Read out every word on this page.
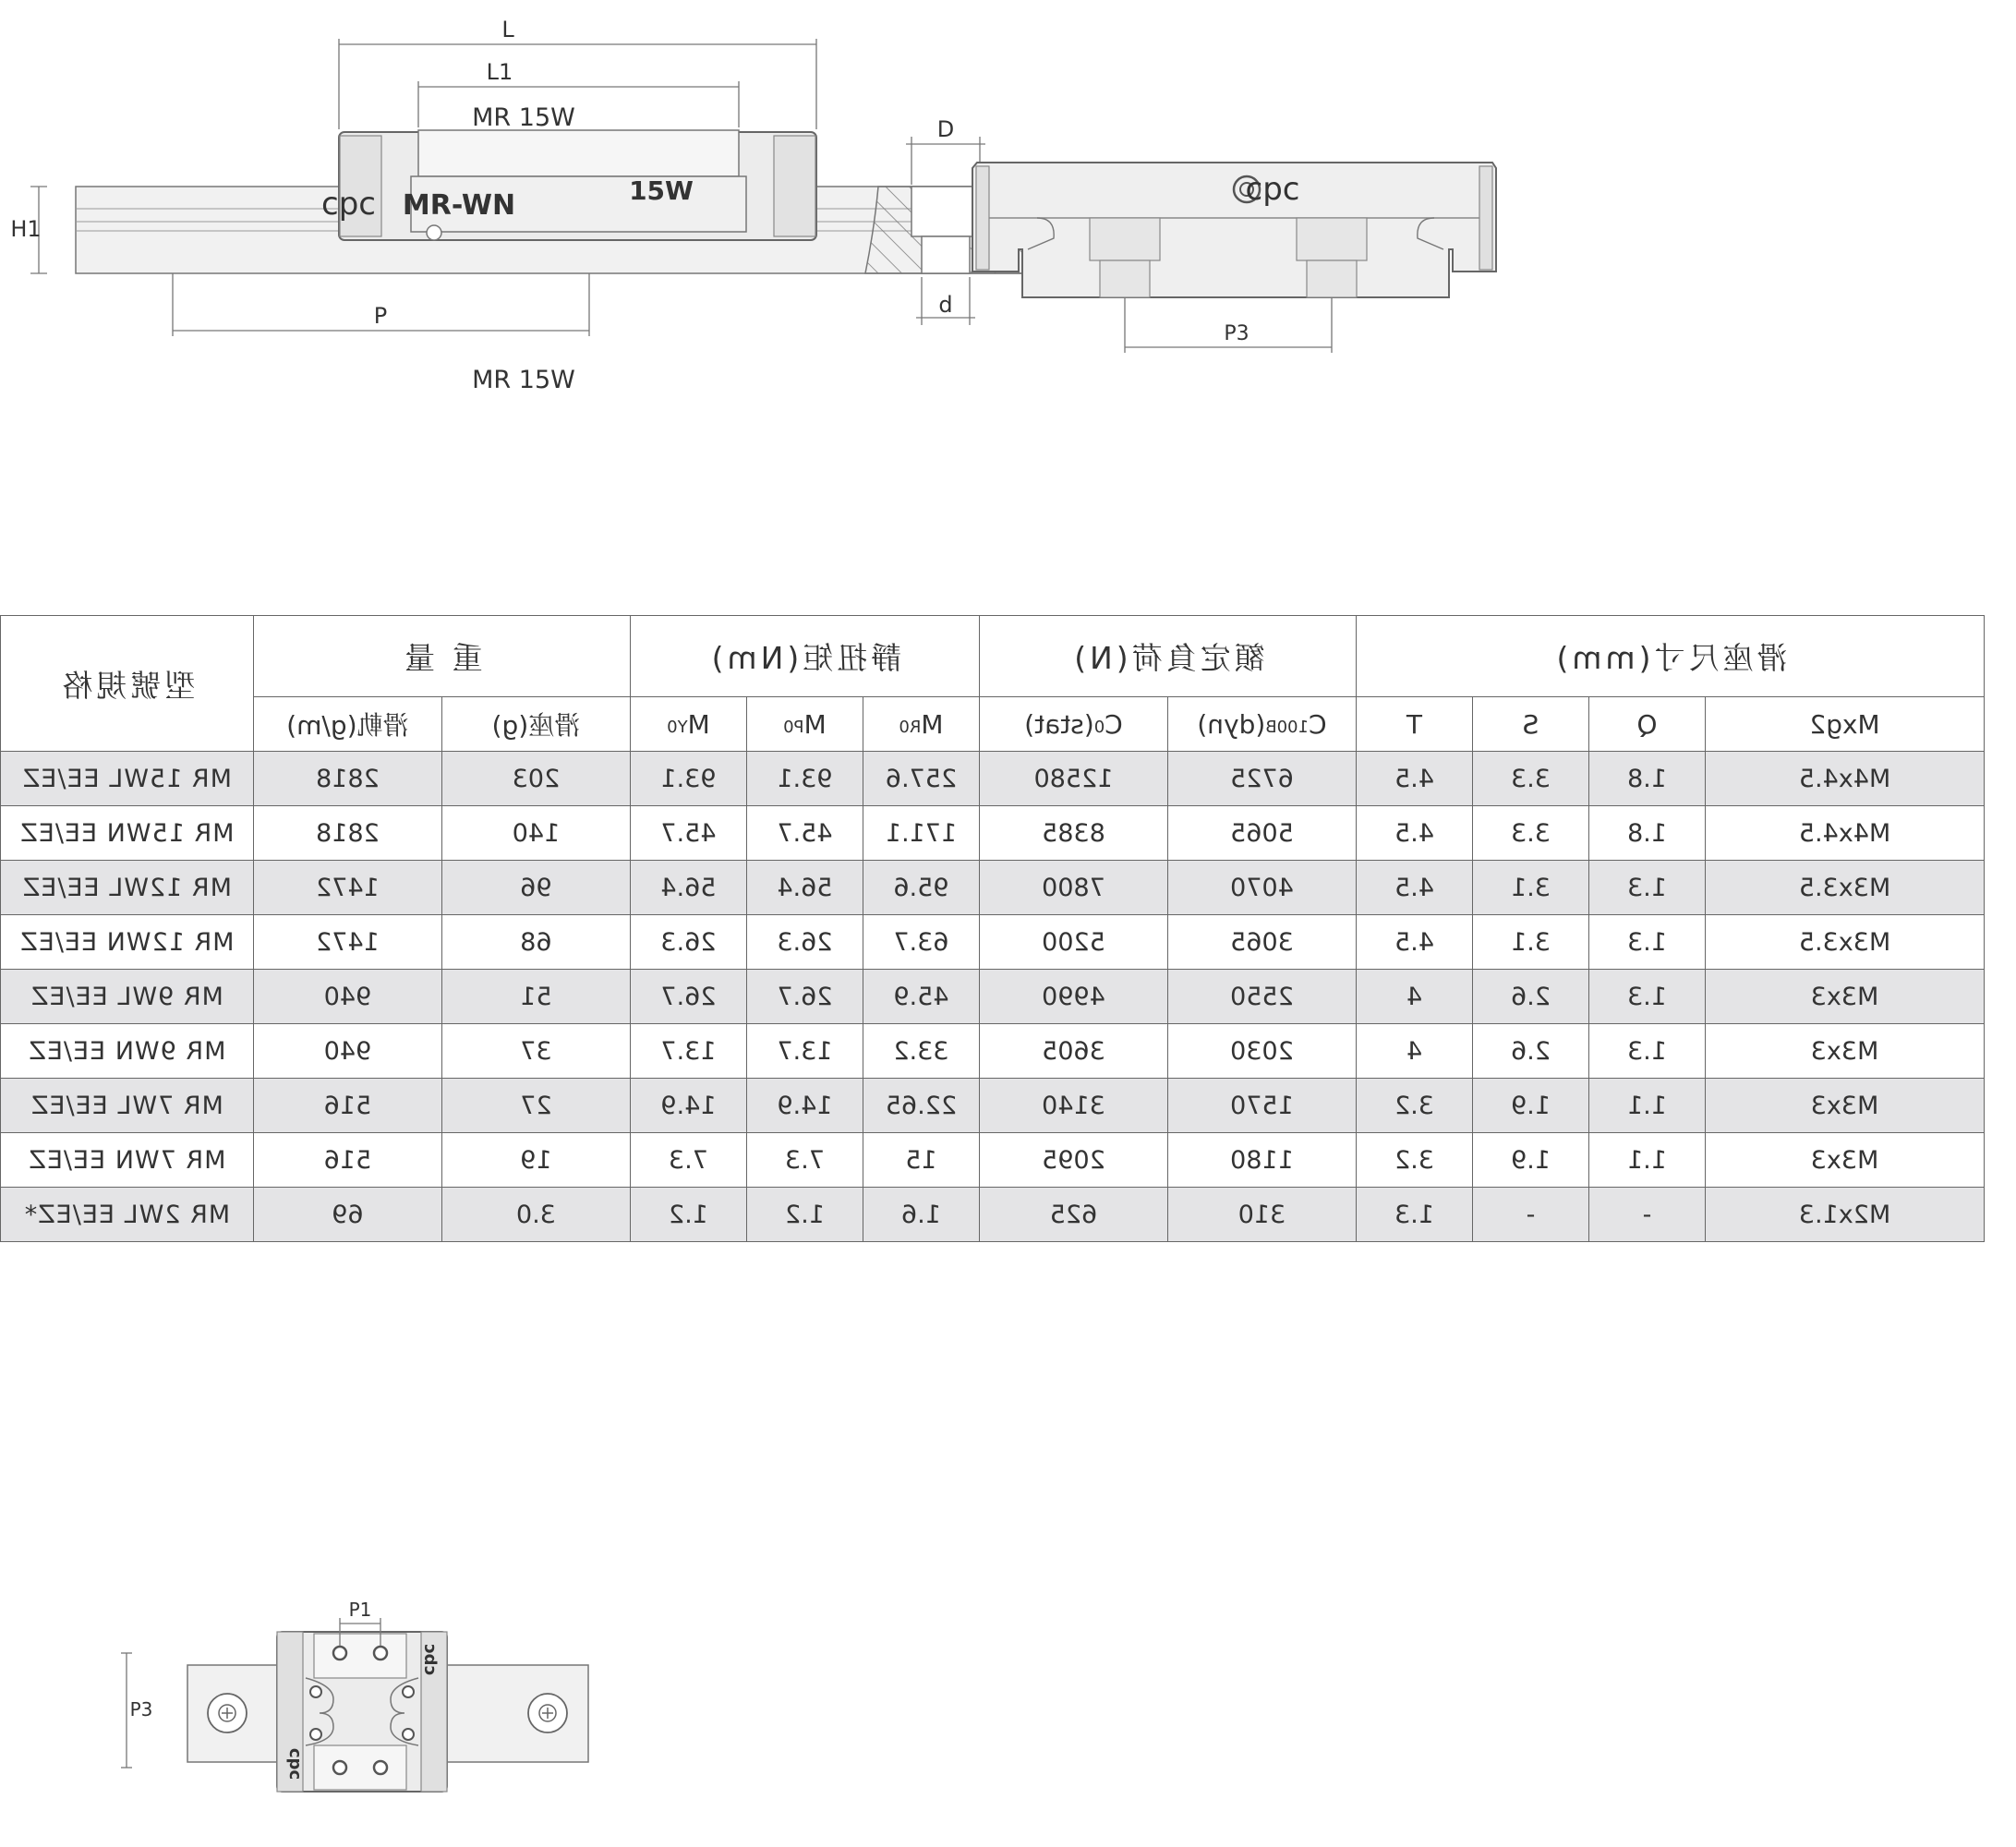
cpc MR-WN
L
L1
D
d
H1
P
MR 15W
MR 15W
cpc
15W
P3
滑座尺寸(mm)				額定負荷(N)		靜扭矩(Nm)			重 量		型號規格
Mxg2	Q	S	T	$C_{100B}(dyn)$	$C_0(stat)$	$M_{R0}$	$M_{P0}$	$M_{Y0}$	滑座(g)	滑軌(g/m)	
M4x4.5	1.8	3.3	4.5	6725	12580	257.6	93.1	93.1	203	2818	MR 15WL EE/EZ
M4x4.5	1.8	3.3	4.5	5065	8385	171.1	45.7	45.7	140	2818	MR 15WN EE/EZ
M3x3.5	1.3	3.1	4.5	4070	7800	95.6	56.4	56.4	96	1472	MR 12WL EE/EZ
M3x3.5	1.3	3.1	4.5	3065	5200	63.7	26.3	26.3	68	1472	MR 12WN EE/EZ
M3x3	1.3	2.6	4	2550	4990	45.9	26.7	26.7	51	940	MR 9WL EE/EZ
M3x3	1.3	2.6	4	2030	3605	33.2	13.7	13.7	37	940	MR 9WN EE/EZ
M3x3	1.1	1.9	3.2	1570	3140	22.65	14.9	14.9	27	516	MR 7WL EE/EZ
M3x3	1.1	1.9	3.2	1180	2095	15	7.3	7.3	19	516	MR 7WN EE/EZ
M2x1.3	-	-	1.3	310	625	1.6	1.2	1.2	3.0	69	MR 2WL EE/EZ*
P1
P3
cpc
cpc
